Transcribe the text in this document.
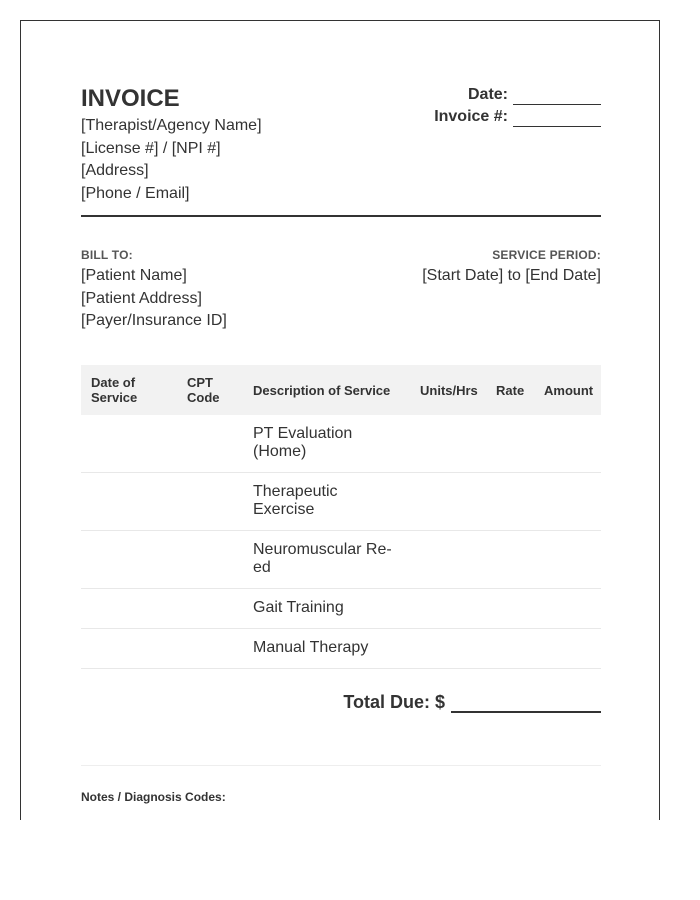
INVOICE
[Therapist/Agency Name]
[License #] / [NPI #]
[Address]
[Phone / Email]
Date:
Invoice #:
BILL TO:
[Patient Name]
[Patient Address]
[Payer/Insurance ID]
SERVICE PERIOD:
[Start Date] to [End Date]
Date of Service	CPT Code	Description of Service	Units/Hrs	Rate	Amount
		PT Evaluation (Home)			
		Therapeutic Exercise			
		Neuromuscular Re-ed			
		Gait Training			
		Manual Therapy			
Total Due: $
Notes / Diagnosis Codes:
